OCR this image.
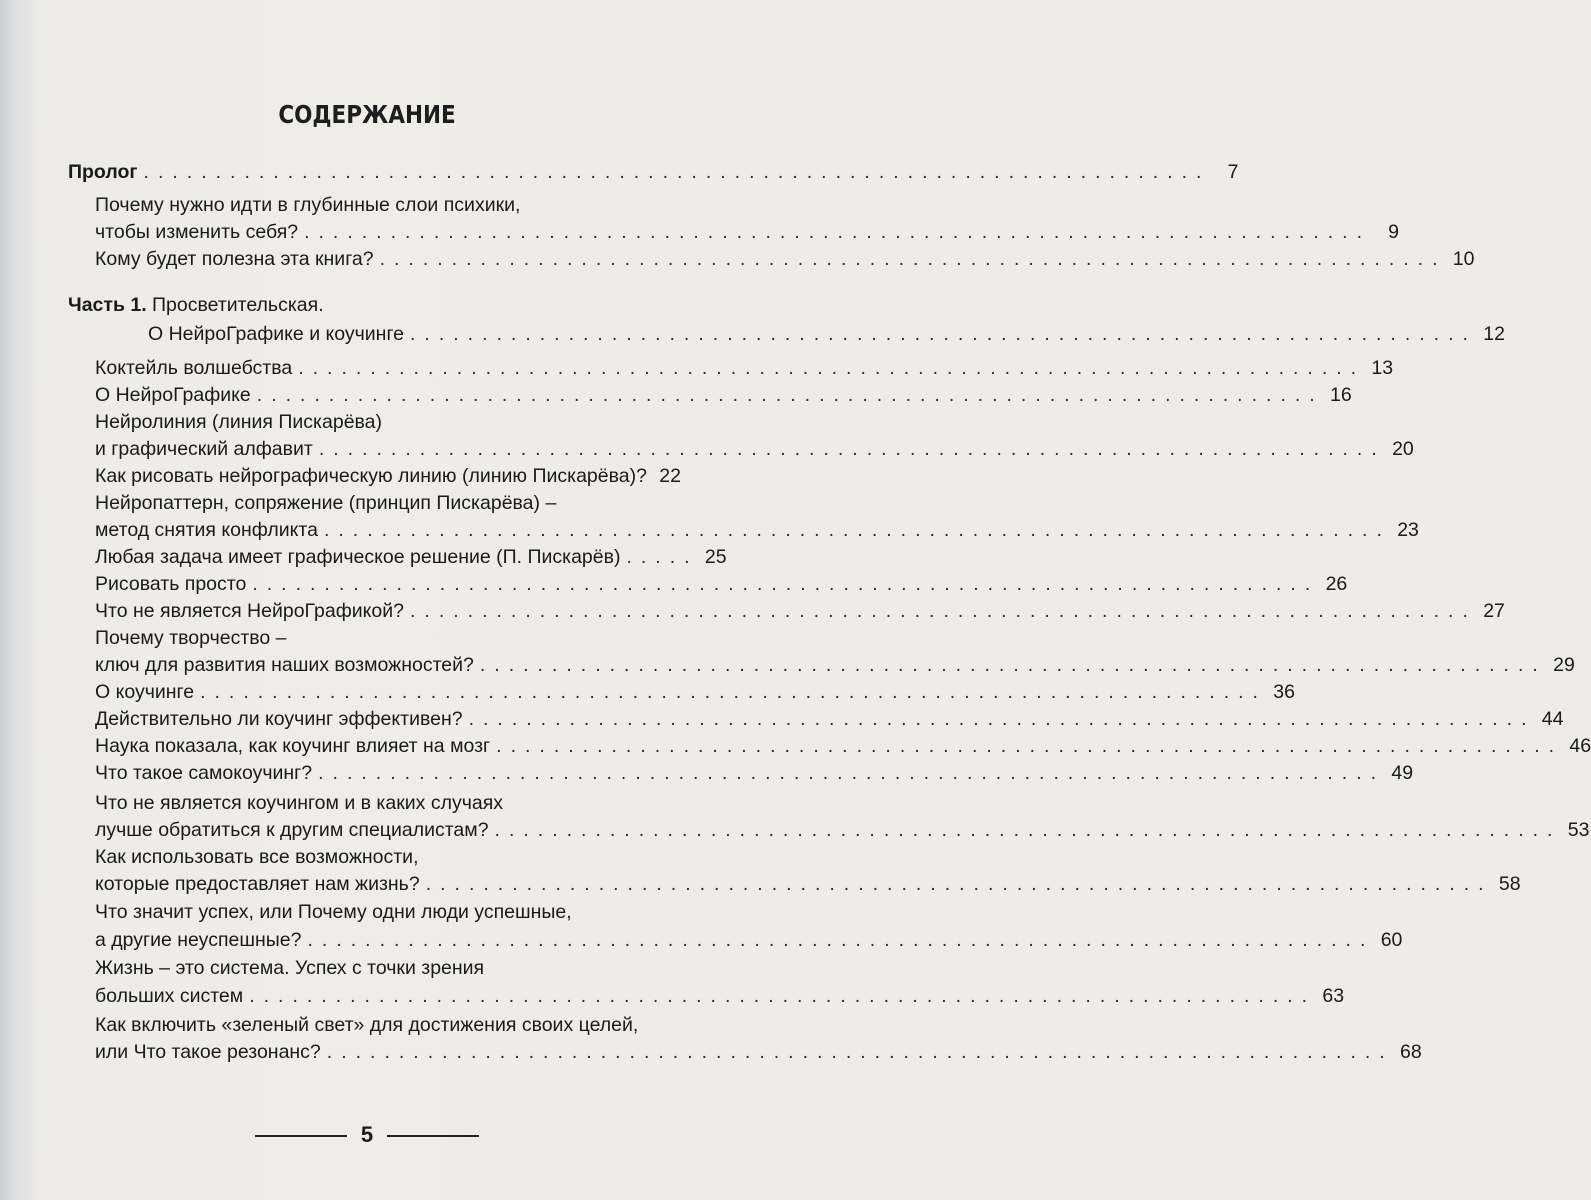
СОДЕРЖАНИЕ
Пролог .......................................................................... 7
Почему нужно идти в глубинные слои психики,
чтобы изменить себя? .......................................................................... 9
Кому будет полезна эта книга? .......................................................................... 10
Часть 1. Просветительская.
О НейроГрафике и коучинге .......................................................................... 12
Коктейль волшебства .......................................................................... 13
О НейроГрафике .......................................................................... 16
Нейролиния (линия Пискарёва)
и графический алфавит .......................................................................... 20
Как рисовать нейрографическую линию (линию Пискарёва)? 22
Нейропаттерн, сопряжение (принцип Пискарёва) –
метод снятия конфликта .......................................................................... 23
Любая задача имеет графическое решение (П. Пискарёв) ..... 25
Рисовать просто .......................................................................... 26
Что не является НейроГрафикой? .......................................................................... 27
Почему творчество –
ключ для развития наших возможностей? .......................................................................... 29
О коучинге .......................................................................... 36
Действительно ли коучинг эффективен? .......................................................................... 44
Наука показала, как коучинг влияет на мозг .......................................................................... 46
Что такое самокоучинг? .......................................................................... 49
Что не является коучингом и в каких случаях
лучше обратиться к другим специалистам? .......................................................................... 53
Как использовать все возможности,
которые предоставляет нам жизнь? .......................................................................... 58
Что значит успех, или Почему одни люди успешные,
а другие неуспешные? .......................................................................... 60
Жизнь – это система. Успех с точки зрения
больших систем .......................................................................... 63
Как включить «зеленый свет» для достижения своих целей,
или Что такое резонанс? .......................................................................... 68
5
